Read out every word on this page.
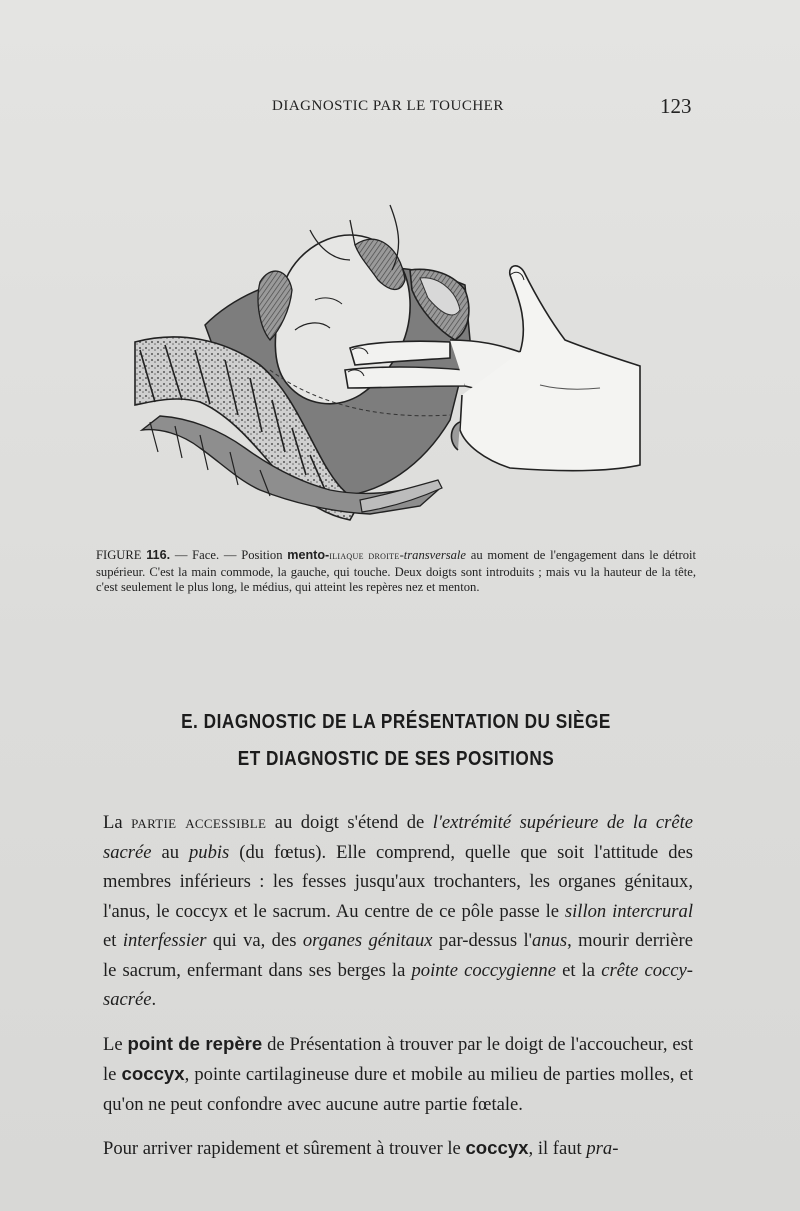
DIAGNOSTIC PAR LE TOUCHER	123
FIGURE 116. — Face. — Position mento-iliaque droite-transversale au moment de l'engagement dans le détroit supérieur. C'est la main commode, la gauche, qui touche. Deux doigts sont introduits ; mais vu la hauteur de la tête, c'est seulement le plus long, le médius, qui atteint les repères nez et menton.
E. DIAGNOSTIC DE LA PRÉSENTATION DU SIÈGE
ET DIAGNOSTIC DE SES POSITIONS

La partie accessible au doigt s'étend de l'extrémité supérieure de la crête sacrée au pubis (du fœtus). Elle comprend, quelle que soit l'attitude des membres inférieurs : les fesses jusqu'aux trochanters, les organes génitaux, l'anus, le coccyx et le sacrum. Au centre de ce pôle passe le sillon intercrural et interfessier qui va, des organes génitaux par-dessus l'anus, mourir derrière le sacrum, enfermant dans ses berges la pointe coccygienne et la crête coccy-sacrée.

Le point de repère de Présentation à trouver par le doigt de l'accoucheur, est le coccyx, pointe cartilagineuse dure et mobile au milieu de parties molles, et qu'on ne peut confondre avec aucune autre partie fœtale.

Pour arriver rapidement et sûrement à trouver le coccyx, il faut pra-
